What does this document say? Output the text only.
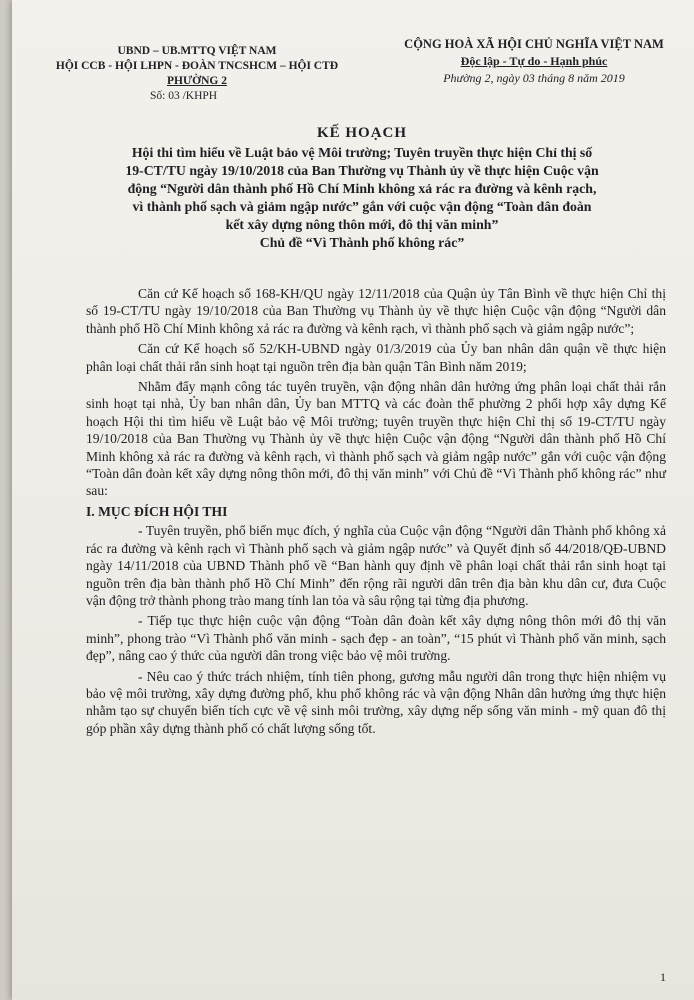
UBND – UB.MTTQ VIỆT NAM
HỘI CCB - HỘI LHPN - ĐOÀN TNCSHCM – HỘI CTĐ
PHƯỜNG 2
Số: 03 /KHPH
CỘNG HOÀ XÃ HỘI CHỦ NGHĨA VIỆT NAM
Độc lập - Tự do - Hạnh phúc
Phường 2, ngày 03 tháng 8 năm 2019
KẾ HOẠCH
Hội thi tìm hiểu về Luật bảo vệ Môi trường; Tuyên truyền thực hiện Chỉ thị số
19-CT/TU ngày 19/10/2018 của Ban Thường vụ Thành ủy về thực hiện Cuộc vận
động “Người dân thành phố Hồ Chí Minh không xả rác ra đường và kênh rạch,
vì thành phố sạch và giảm ngập nước” gắn với cuộc vận động “Toàn dân đoàn
kết xây dựng nông thôn mới, đô thị văn minh”
Chủ đề “Vì Thành phố không rác”

Căn cứ Kế hoạch số 168-KH/QU ngày 12/11/2018 của Quận ủy Tân Bình về thực hiện Chỉ thị số 19-CT/TU ngày 19/10/2018 của Ban Thường vụ Thành ủy về thực hiện Cuộc vận động “Người dân thành phố Hồ Chí Minh không xả rác ra đường và kênh rạch, vì thành phố sạch và giảm ngập nước”;

Căn cứ Kế hoạch số 52/KH-UBND ngày 01/3/2019 của Ủy ban nhân dân quận về thực hiện phân loại chất thải rắn sinh hoạt tại nguồn trên địa bàn quận Tân Bình năm 2019;

Nhằm đẩy mạnh công tác tuyên truyền, vận động nhân dân hưởng ứng phân loại chất thải rắn sinh hoạt tại nhà, Ủy ban nhân dân, Ủy ban MTTQ và các đoàn thể phường 2 phối hợp xây dựng Kế hoạch Hội thi tìm hiểu về Luật bảo vệ Môi trường; tuyên truyền thực hiện Chỉ thị số 19-CT/TU ngày 19/10/2018 của Ban Thường vụ Thành ủy về thực hiện Cuộc vận động “Người dân thành phố Hồ Chí Minh không xả rác ra đường và kênh rạch, vì thành phố sạch và giảm ngập nước” gắn với cuộc vận động “Toàn dân đoàn kết xây dựng nông thôn mới, đô thị văn minh” với Chủ đề “Vì Thành phố không rác” như sau:

I. MỤC ĐÍCH HỘI THI

- Tuyên truyền, phổ biến mục đích, ý nghĩa của Cuộc vận động “Người dân Thành phố không xả rác ra đường và kênh rạch vì Thành phố sạch và giảm ngập nước” và Quyết định số 44/2018/QĐ-UBND ngày 14/11/2018 của UBND Thành phố về “Ban hành quy định về phân loại chất thải rắn sinh hoạt tại nguồn trên địa bàn thành phố Hồ Chí Minh” đến rộng rãi người dân trên địa bàn khu dân cư, đưa Cuộc vận động trở thành phong trào mang tính lan tỏa và sâu rộng tại từng địa phương.

- Tiếp tục thực hiện cuộc vận động “Toàn dân đoàn kết xây dựng nông thôn mới đô thị văn minh”, phong trào “Vì Thành phố văn minh - sạch đẹp - an toàn”, “15 phút vì Thành phố văn minh, sạch đẹp”, nâng cao ý thức của người dân trong việc bảo vệ môi trường.

- Nêu cao ý thức trách nhiệm, tính tiên phong, gương mẫu người dân trong thực hiện nhiệm vụ bảo vệ môi trường, xây dựng đường phố, khu phố không rác và vận động Nhân dân hưởng ứng thực hiện nhằm tạo sự chuyển biến tích cực về vệ sinh môi trường, xây dựng nếp sống văn minh - mỹ quan đô thị góp phần xây dựng thành phố có chất lượng sống tốt.

1
